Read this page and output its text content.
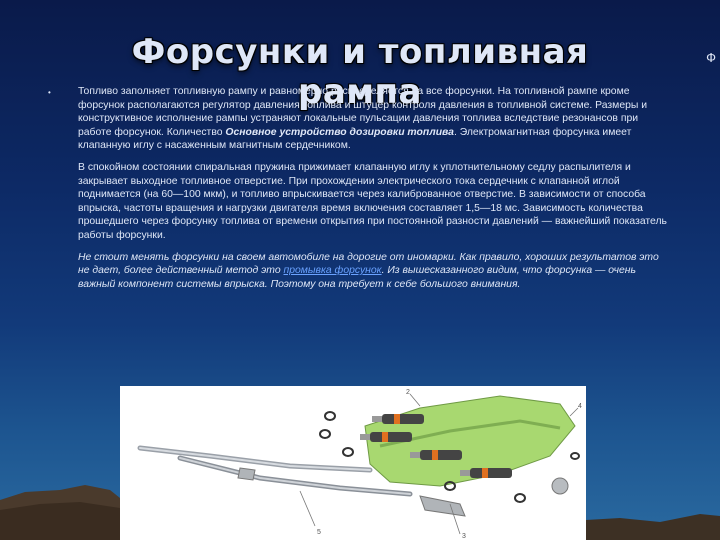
Форсунки и топливная рампа
Ф
•	Топливо заполняет топливную рампу и равномерно распределяется на все форсунки. На топливной рампе кроме форсунок располагаются регулятор давления топлива и штуцер контроля давления в топливной системе. Размеры и конструктивное исполнение рампы устраняют локальные пульсации давления топлива вследствие резонансов при работе форсунок. Количество Основное устройство дозировки топлива. Электромагнитная форсунка имеет клапанную иглу с насаженным магнитным сердечником.

В спокойном состоянии спиральная пружина прижимает клапанную иглу к уплотнительному седлу распылителя и закрывает выходное топливное отверстие. При прохождении электрического тока сердечник с клапанной иглой поднимается (на 60—100 мкм), и топливо впрыскивается через калиброванное отверстие. В зависимости от способа впрыска, частоты вращения и нагрузки двигателя время включения составляет 1,5—18 мс. Зависимость количества прошедшего через форсунку топлива от времени открытия при постоянной разности давлений — важнейший показатель работы форсунки.

Не стоит менять форсунки на своем автомобиле на дорогие от иномарки. Как правило, хороших результатов это не дает, более действенный метод это промывка форсунок. Из вышесказанного видим, что форсунка — очень важный компонент системы впрыска. Поэтому она требует к себе большого внимания.

2
3
4
5
